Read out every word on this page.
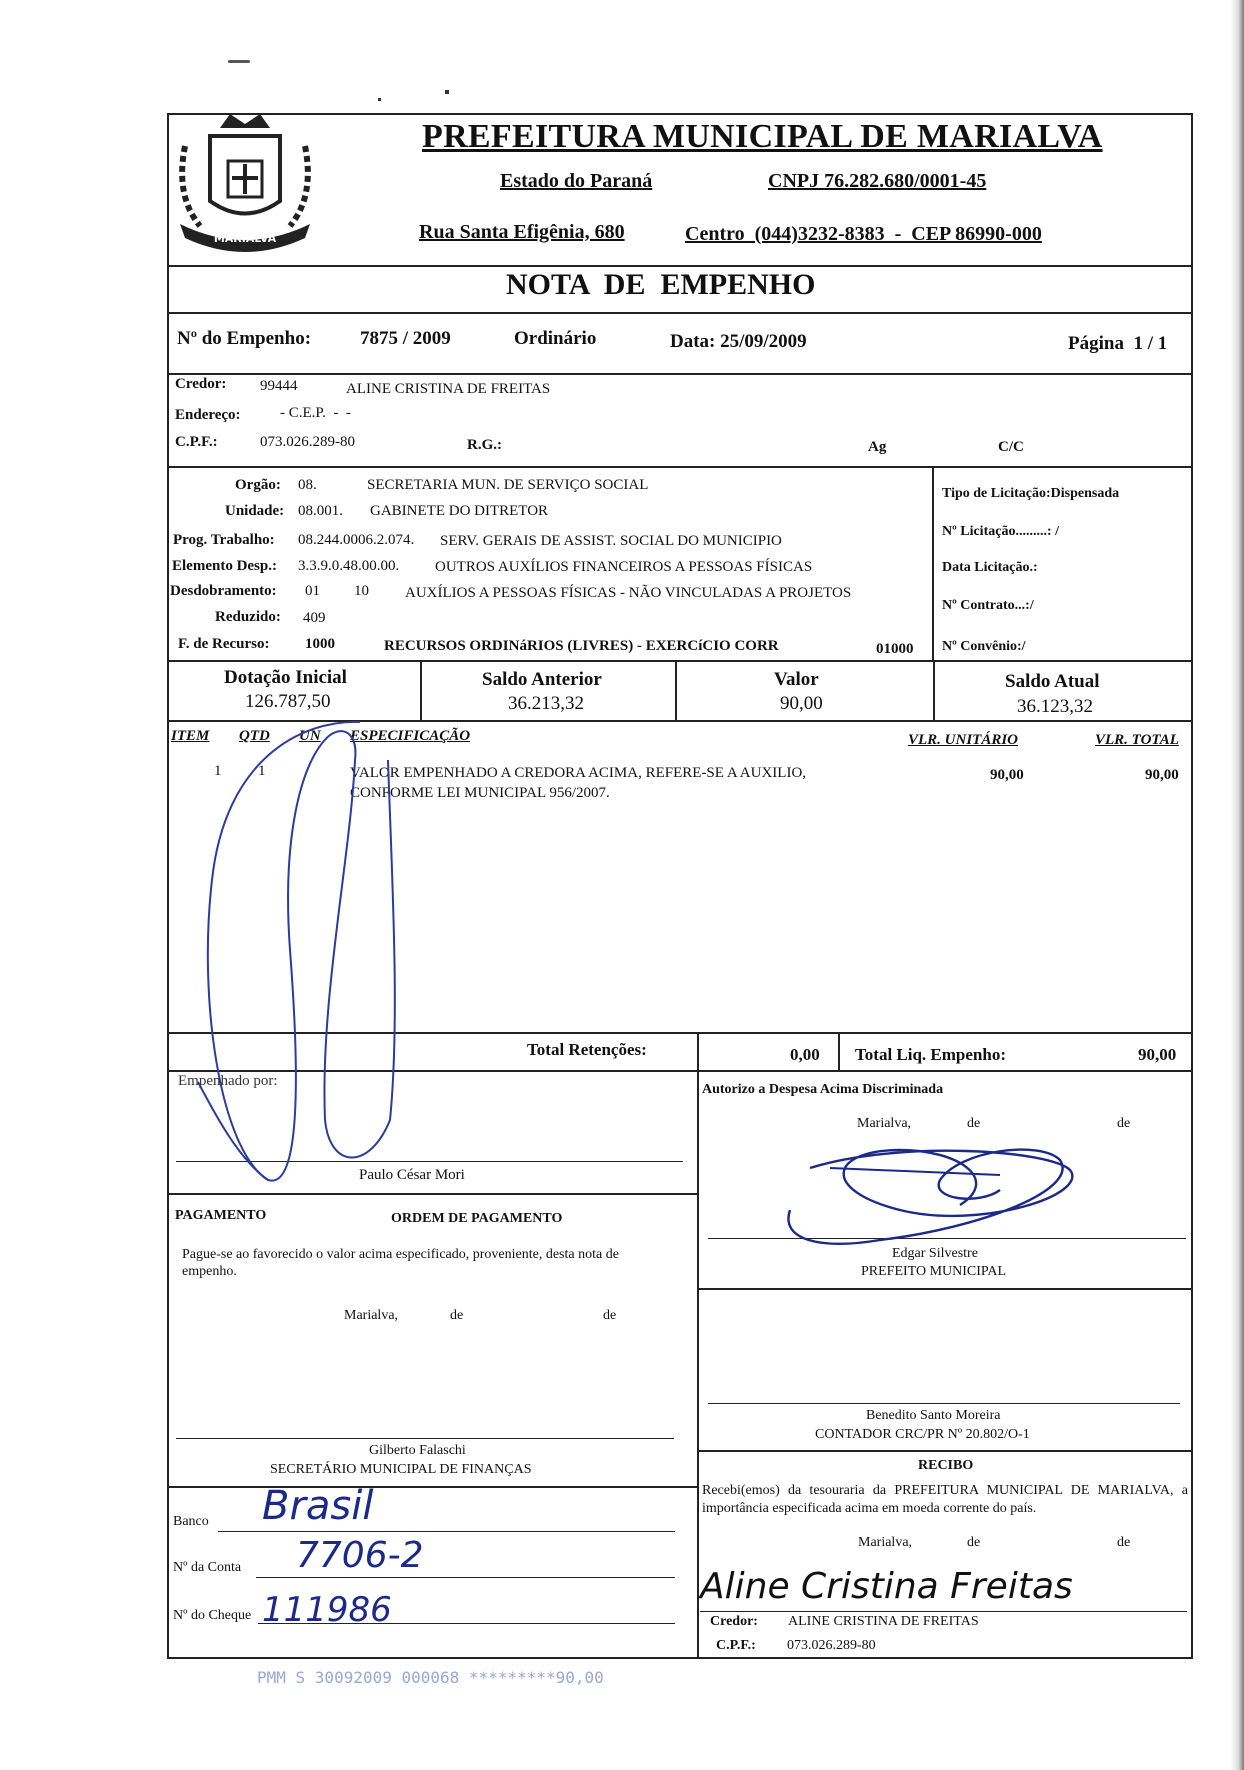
MARIALVA
PREFEITURA MUNICIPAL DE MARIALVA
Estado do Paraná	CNPJ 76.282.680/0001-45
Rua Santa Efigênia, 680	Centro  (044)3232-8383  -  CEP 86990-000
NOTA  DE  EMPENHO
Nº do Empenho:	7875 / 2009	Ordinário	Data: 25/09/2009	Página  1 / 1
Credor: 99444	ALINE CRISTINA DE FREITAS
Endereço:	- C.E.P.  -  -
C.P.F.:	073.026.289-80	R.G.:	Ag	C/C
Orgão: 08.	SECRETARIA MUN. DE SERVIÇO SOCIAL
Unidade: 08.001. GABINETE DO DITRETOR
Prog. Trabalho: 08.244.0006.2.074. SERV. GERAIS DE ASSIST. SOCIAL DO MUNICIPIO
Elemento Desp.: 3.3.9.0.48.00.00. OUTROS AUXÍLIOS FINANCEIROS A PESSOAS FÍSICAS
Desdobramento: 01 10 AUXÍLIOS A PESSOAS FÍSICAS - NÃO VINCULADAS A PROJETOS
Reduzido: 409
F. de Recurso: 1000	RECURSOS ORDINáRIOS (LIVRES) - EXERCíCIO CORR	01000
Tipo de Licitação:Dispensada
Nº Licitação.........: /
Data Licitação.:
Nº Contrato...:/
Nº Convênio:/
Dotação Inicial
126.787,50
Saldo Anterior
36.213,32
Valor
90,00
Saldo Atual
36.123,32
ITEM QTD UN ESPECIFICAÇÃO	VLR. UNITÁRIO	VLR. TOTAL
1 1	VALOR EMPENHADO A CREDORA ACIMA, REFERE-SE A AUXILIO,
CONFORME LEI MUNICIPAL 956/2007.
90,00	90,00
Total Retenções:	0,00 Total Liq. Empenho:	90,00
Empenhado por:
Paulo César Mori
Autorizo a Despesa Acima Discriminada
Marialva,	de	de
Edgar Silvestre
PREFEITO MUNICIPAL
PAGAMENTO	ORDEM DE PAGAMENTO
Pague-se ao favorecido o valor acima especificado, proveniente, desta nota de empenho.
Marialva,	de	de
Gilberto Falaschi
SECRETÁRIO MUNICIPAL DE FINANÇAS
Benedito Santo Moreira
CONTADOR CRC/PR Nº 20.802/O-1
Banco Brasil
Nº da Conta 7706-2
Nº do Cheque 111986
RECIBO
Recebi(emos) da tesouraria da PREFEITURA MUNICIPAL DE MARIALVA, a importância especificada acima em moeda corrente do país.
Marialva,	de	de
Aline Cristina Freitas
Credor: ALINE CRISTINA DE FREITAS
C.P.F.: 073.026.289-80
PMM S 30092009 000068 *********90,00
